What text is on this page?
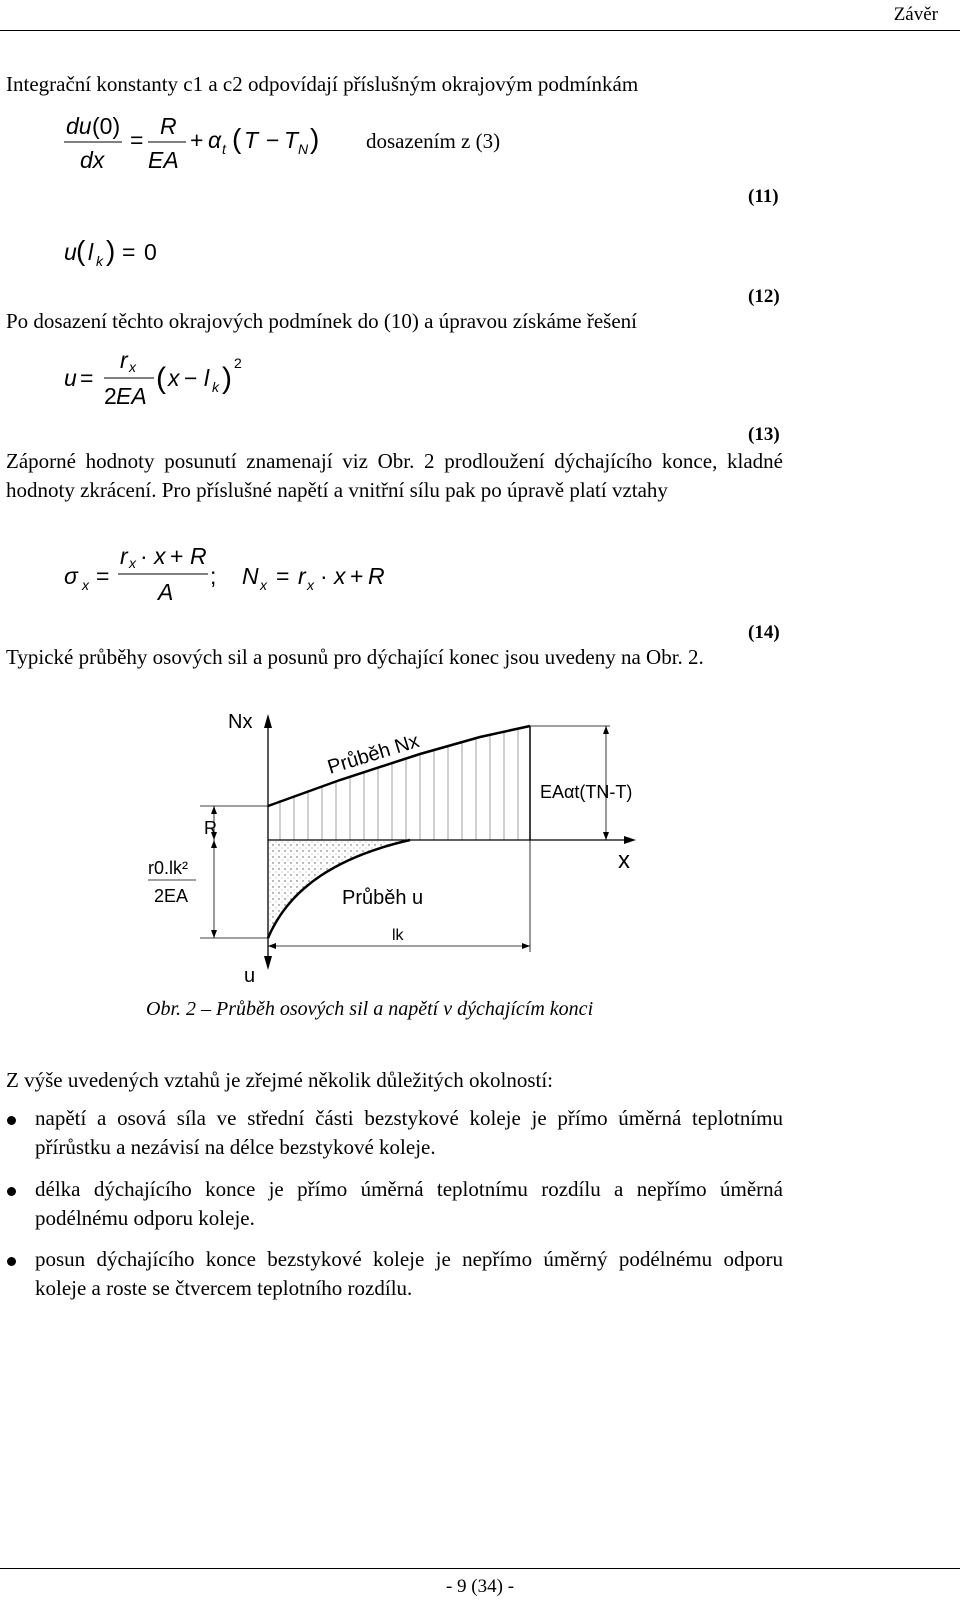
Závěr
Integrační konstanty c1 a c2 odpovídají příslušným okrajovým podmínkám
du (0)
dx
=
R
EA
+ α t ( T − T N ) dosazením z (3)
(11)
u ( l k ) = 0
(12)
Po dosazení těchto okrajových podmínek do (10) a úpravou získáme řešení
u =
r x
2 EA
( x − l k ) 2
(13)
Záporné hodnoty posunutí znamenají viz Obr. 2 prodloužení dýchajícího konce, kladné hodnoty zkrácení. Pro příslušné napětí a vnitřní sílu pak po úpravě platí vztahy
σ x =
r x · x + R
A
; N x = r x · x + R
(14)
Typické průběhy osových sil a posunů pro dýchající konec jsou uvedeny na Obr. 2.
Nx
Průběh Nx
EAαt(TN-T)
R
x
r0.lk²
2EA	Průběh u
lk
u
Obr. 2 – Průběh osových sil a napětí v dýchajícím konci
Z výše uvedených vztahů je zřejmé několik důležitých okolností:
napětí a osová síla ve střední části bezstykové koleje je přímo úměrná teplotnímu přírůstku a nezávisí na délce bezstykové koleje.
délka dýchajícího konce je přímo úměrná teplotnímu rozdílu a nepřímo úměrná podélnému odporu koleje.
posun dýchajícího konce bezstykové koleje je nepřímo úměrný podélnému odporu koleje a roste se čtvercem teplotního rozdílu.
- 9 (34) -
